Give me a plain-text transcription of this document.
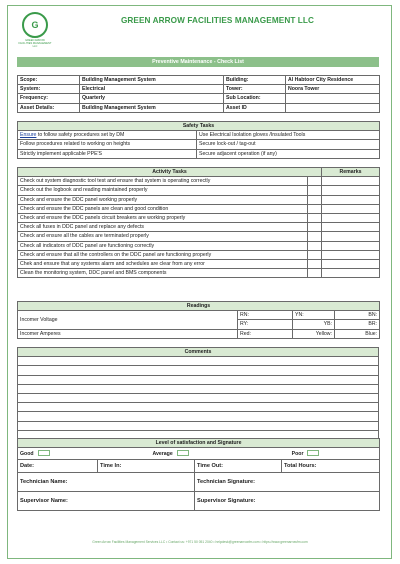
G
GREEN ARROW FACILITIES MANAGEMENT LLC
GREEN ARROW FACILITIES MANAGEMENT LLC
Preventive Maintenance - Check List
Scope:	Building Management System	Building:	Al Habtoor City Residence
System:	Electrical	Tower:	Noora Tower
Frequency:	Quarterly	Sub Location:	
Asset Details:	Building Management System	Asset ID	
Safety Tasks	
Ensure to follow safety procedures set by DM	Use Electrical Isolation gloves /Insulated Tools
Follow procedures related to working on heights	Secure lock-out / tag-out
Strictly implement applicable PPE'S	Secure adjacent operation (if any)
Activity Tasks		Remarks
Check out system diagnostic tool test and ensure that system is operating correctly		
Check out the logbook and reading maintained properly		
Check and ensure the DDC panel working properly		
Check and ensure the DDC panels are clean and good condition		
Check and ensure the DDC panels circuit breakers are working properly		
Check all fuses in DDC panel and replace any defects		
Check and ensure all the cables are terminated properly		
Check all indicators of DDC panel are functioning correctly		
Check and ensure that all the controllers on the DDC panel are functioning properly		
Chek and ensure that any systems alarm and schedules are clear from any error		
Clean the monitoring system, DDC panel and BMS components		
Readings			
Incomer Voltage	RN:	YN:	BN:
	RY:	YB:	BR:
Incomer Amperes	Red:	Yellow:	Blue:
Comments

Level of satisfaction and Signature			
Good Average Poor			
Date:	Time In:	Time Out:	Total Hours:
Technician Name:		Technician Signature:	
Supervisor Name:		Supervisor Signature:	
Green Arrow Facilities Management Services LLC • Contact us: +971 50 051 2040 • helpdesk@greenarrowfm.com • https://www.greenarrowfm.com
